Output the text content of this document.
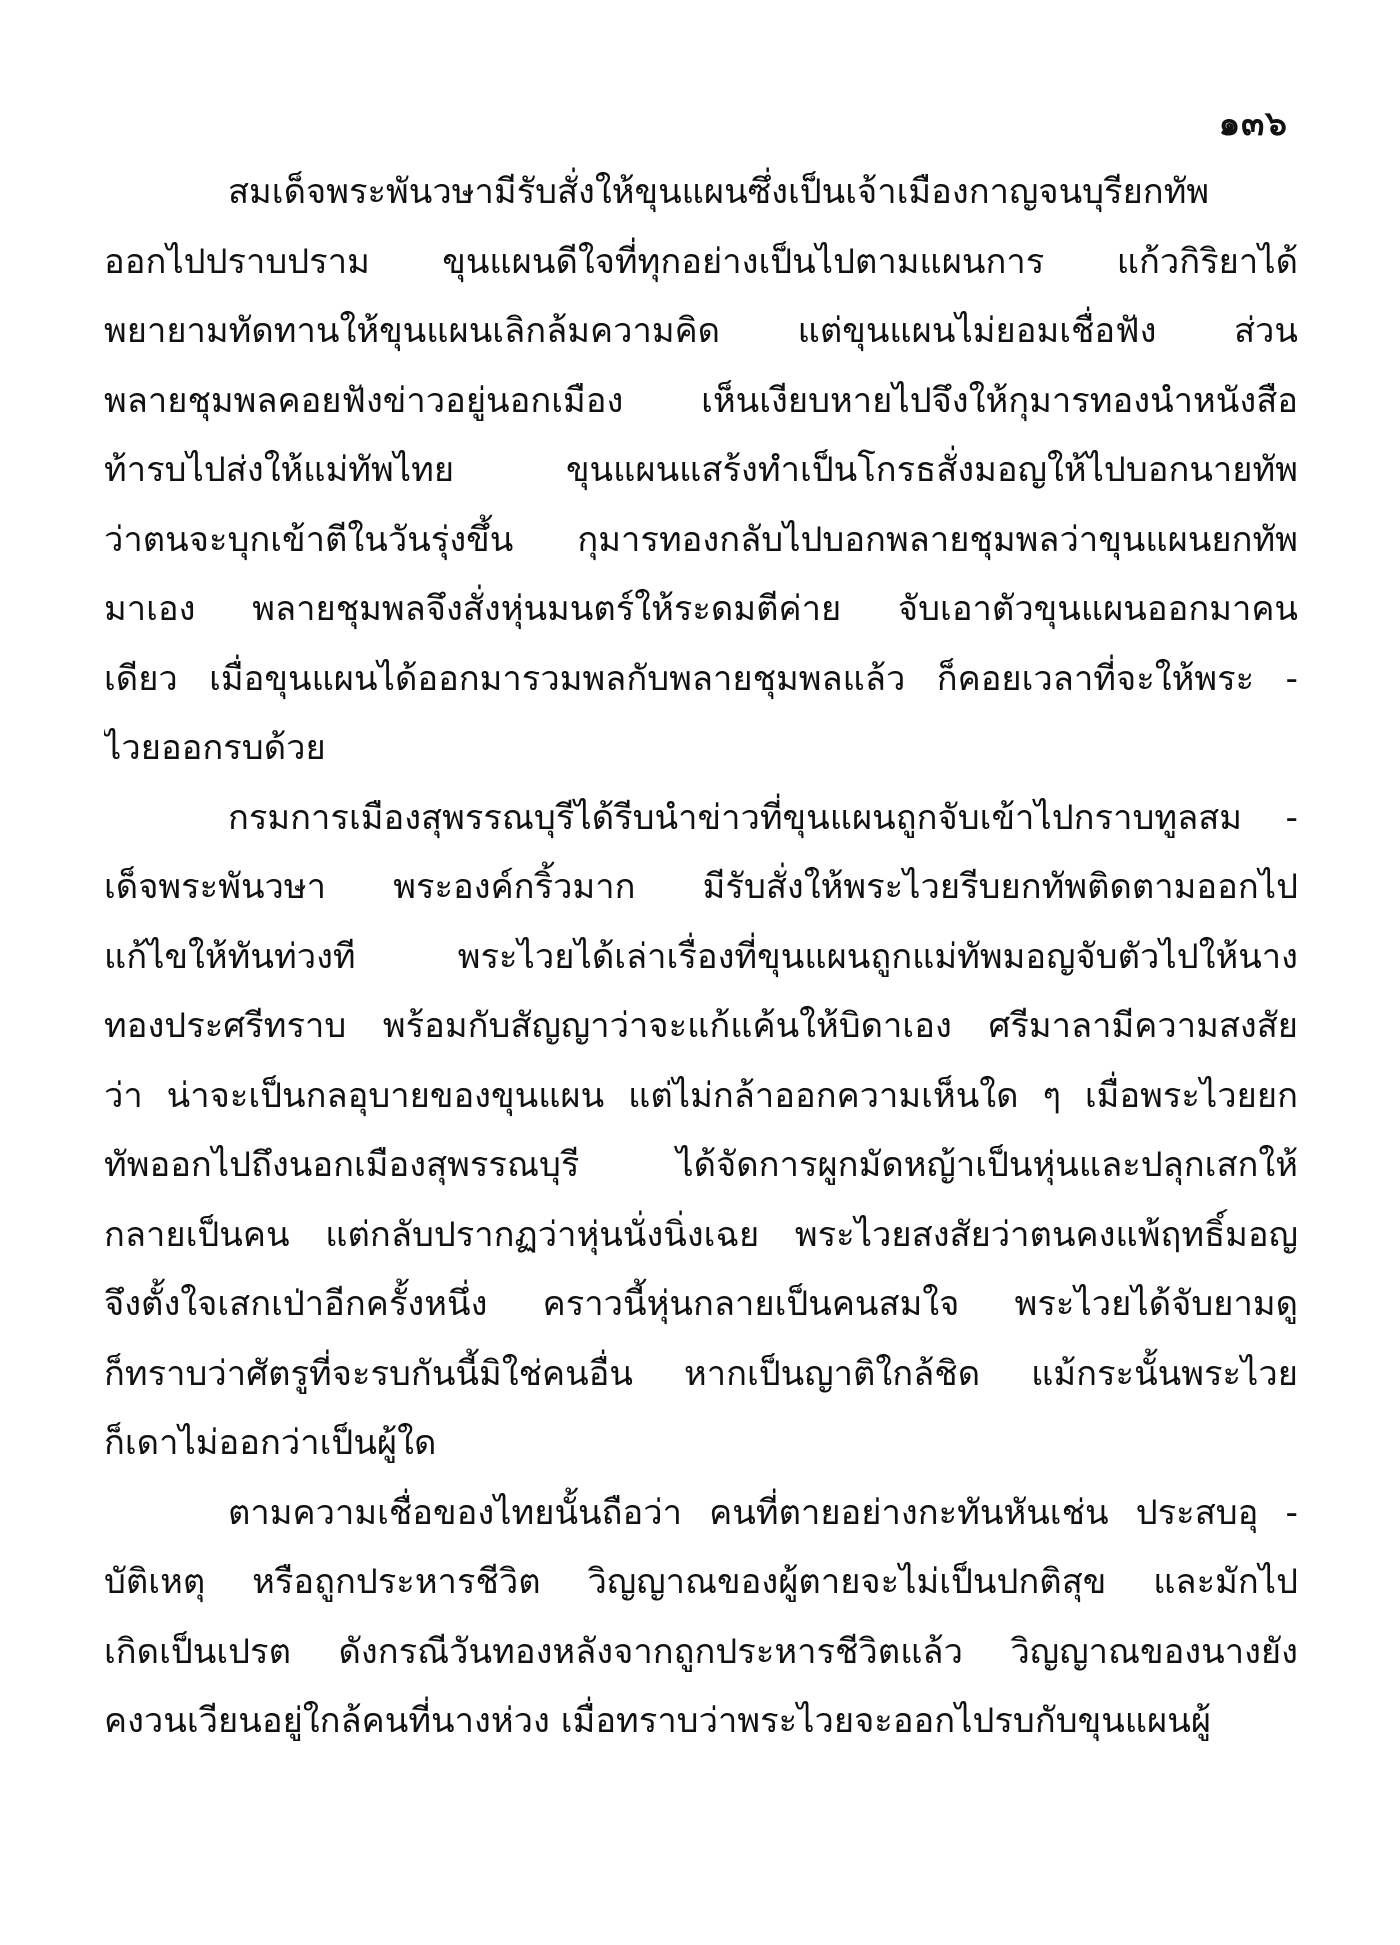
๑๓๖
สมเด็จพระพันวษามีรับสั่งให้ขุนแผนซึ่งเป็นเจ้าเมืองกาญจนบุรียกทัพ
ออกไปปราบปราม ขุนแผนดีใจที่ทุกอย่างเป็นไปตามแผนการ แก้วกิริยาได้
พยายามทัดทานให้ขุนแผนเลิกล้มความคิด แต่ขุนแผนไม่ยอมเชื่อฟัง ส่วน
พลายชุมพลคอยฟังข่าวอยู่นอกเมือง เห็นเงียบหายไปจึงให้กุมารทองนำหนังสือ
ท้ารบไปส่งให้แม่ทัพไทย ขุนแผนแสร้งทำเป็นโกรธสั่งมอญให้ไปบอกนายทัพ
ว่าตนจะบุกเข้าตีในวันรุ่งขึ้น กุมารทองกลับไปบอกพลายชุมพลว่าขุนแผนยกทัพ
มาเอง พลายชุมพลจึงสั่งหุ่นมนตร์ให้ระดมตีค่าย จับเอาตัวขุนแผนออกมาคน
เดียว เมื่อขุนแผนได้ออกมารวมพลกับพลายชุมพลแล้ว ก็คอยเวลาที่จะให้พระ -
ไวยออกรบด้วย
กรมการเมืองสุพรรณบุรีได้รีบนำข่าวที่ขุนแผนถูกจับเข้าไปกราบทูลสม -
เด็จพระพันวษา พระองค์กริ้วมาก มีรับสั่งให้พระไวยรีบยกทัพติดตามออกไป
แก้ไขให้ทันท่วงที พระไวยได้เล่าเรื่องที่ขุนแผนถูกแม่ทัพมอญจับตัวไปให้นาง
ทองประศรีทราบ พร้อมกับสัญญาว่าจะแก้แค้นให้บิดาเอง ศรีมาลามีความสงสัย
ว่า น่าจะเป็นกลอุบายของขุนแผน แต่ไม่กล้าออกความเห็นใด ๆ เมื่อพระไวยยก
ทัพออกไปถึงนอกเมืองสุพรรณบุรี ได้จัดการผูกมัดหญ้าเป็นหุ่นและปลุกเสกให้
กลายเป็นคน แต่กลับปรากฏว่าหุ่นนั่งนิ่งเฉย พระไวยสงสัยว่าตนคงแพ้ฤทธิ์มอญ
จึงตั้งใจเสกเป่าอีกครั้งหนึ่ง คราวนี้หุ่นกลายเป็นคนสมใจ พระไวยได้จับยามดู
ก็ทราบว่าศัตรูที่จะรบกันนี้มิใช่คนอื่น หากเป็นญาติใกล้ชิด แม้กระนั้นพระไวย
ก็เดาไม่ออกว่าเป็นผู้ใด
ตามความเชื่อของไทยนั้นถือว่า คนที่ตายอย่างกะทันหันเช่น ประสบอุ -
บัติเหตุ หรือถูกประหารชีวิต วิญญาณของผู้ตายจะไม่เป็นปกติสุข และมักไป
เกิดเป็นเปรต ดังกรณีวันทองหลังจากถูกประหารชีวิตแล้ว วิญญาณของนางยัง
คงวนเวียนอยู่ใกล้คนที่นางห่วง เมื่อทราบว่าพระไวยจะออกไปรบกับขุนแผนผู้
